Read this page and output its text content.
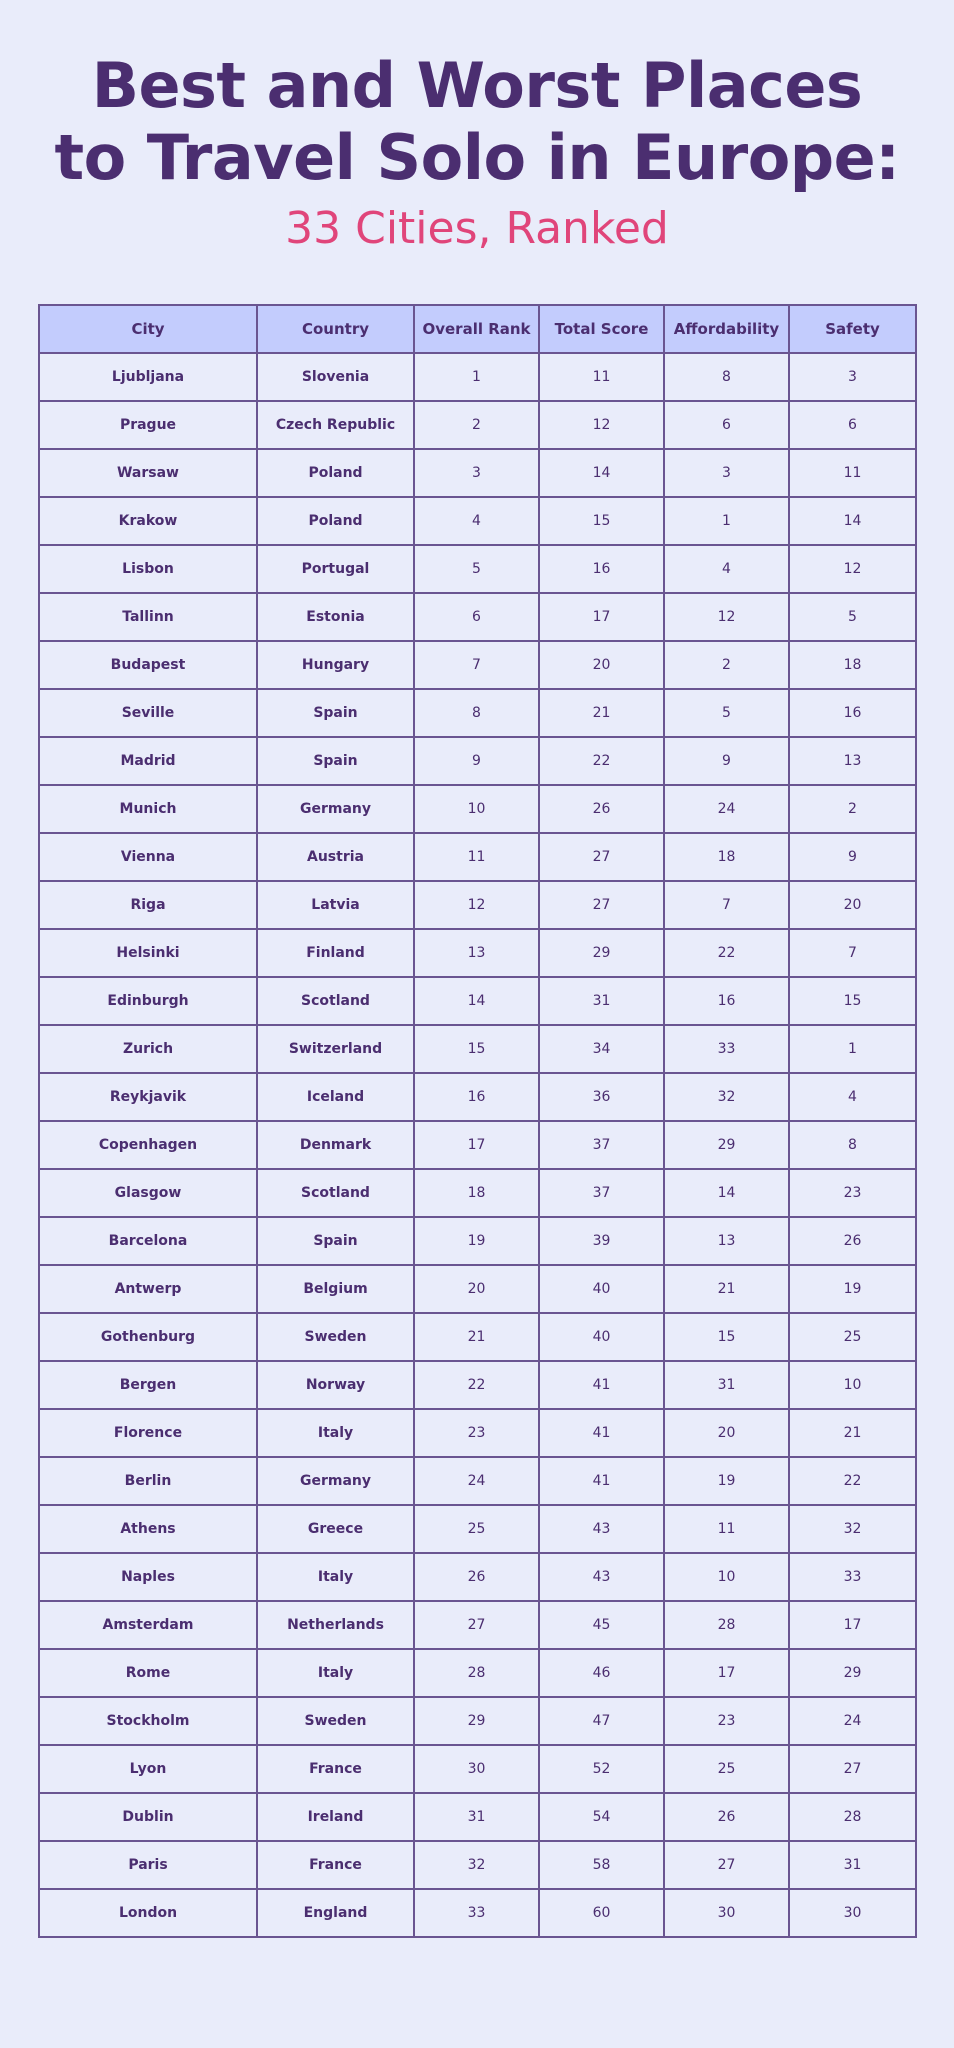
Best and Worst Places
to Travel Solo in Europe:
33 Cities, Ranked
City	Country	Overall Rank	Total Score	Affordability	Safety
Ljubljana	Slovenia	1	11	8	3
Prague	Czech Republic	2	12	6	6
Warsaw	Poland	3	14	3	11
Krakow	Poland	4	15	1	14
Lisbon	Portugal	5	16	4	12
Tallinn	Estonia	6	17	12	5
Budapest	Hungary	7	20	2	18
Seville	Spain	8	21	5	16
Madrid	Spain	9	22	9	13
Munich	Germany	10	26	24	2
Vienna	Austria	11	27	18	9
Riga	Latvia	12	27	7	20
Helsinki	Finland	13	29	22	7
Edinburgh	Scotland	14	31	16	15
Zurich	Switzerland	15	34	33	1
Reykjavik	Iceland	16	36	32	4
Copenhagen	Denmark	17	37	29	8
Glasgow	Scotland	18	37	14	23
Barcelona	Spain	19	39	13	26
Antwerp	Belgium	20	40	21	19
Gothenburg	Sweden	21	40	15	25
Bergen	Norway	22	41	31	10
Florence	Italy	23	41	20	21
Berlin	Germany	24	41	19	22
Athens	Greece	25	43	11	32
Naples	Italy	26	43	10	33
Amsterdam	Netherlands	27	45	28	17
Rome	Italy	28	46	17	29
Stockholm	Sweden	29	47	23	24
Lyon	France	30	52	25	27
Dublin	Ireland	31	54	26	28
Paris	France	32	58	27	31
London	England	33	60	30	30
